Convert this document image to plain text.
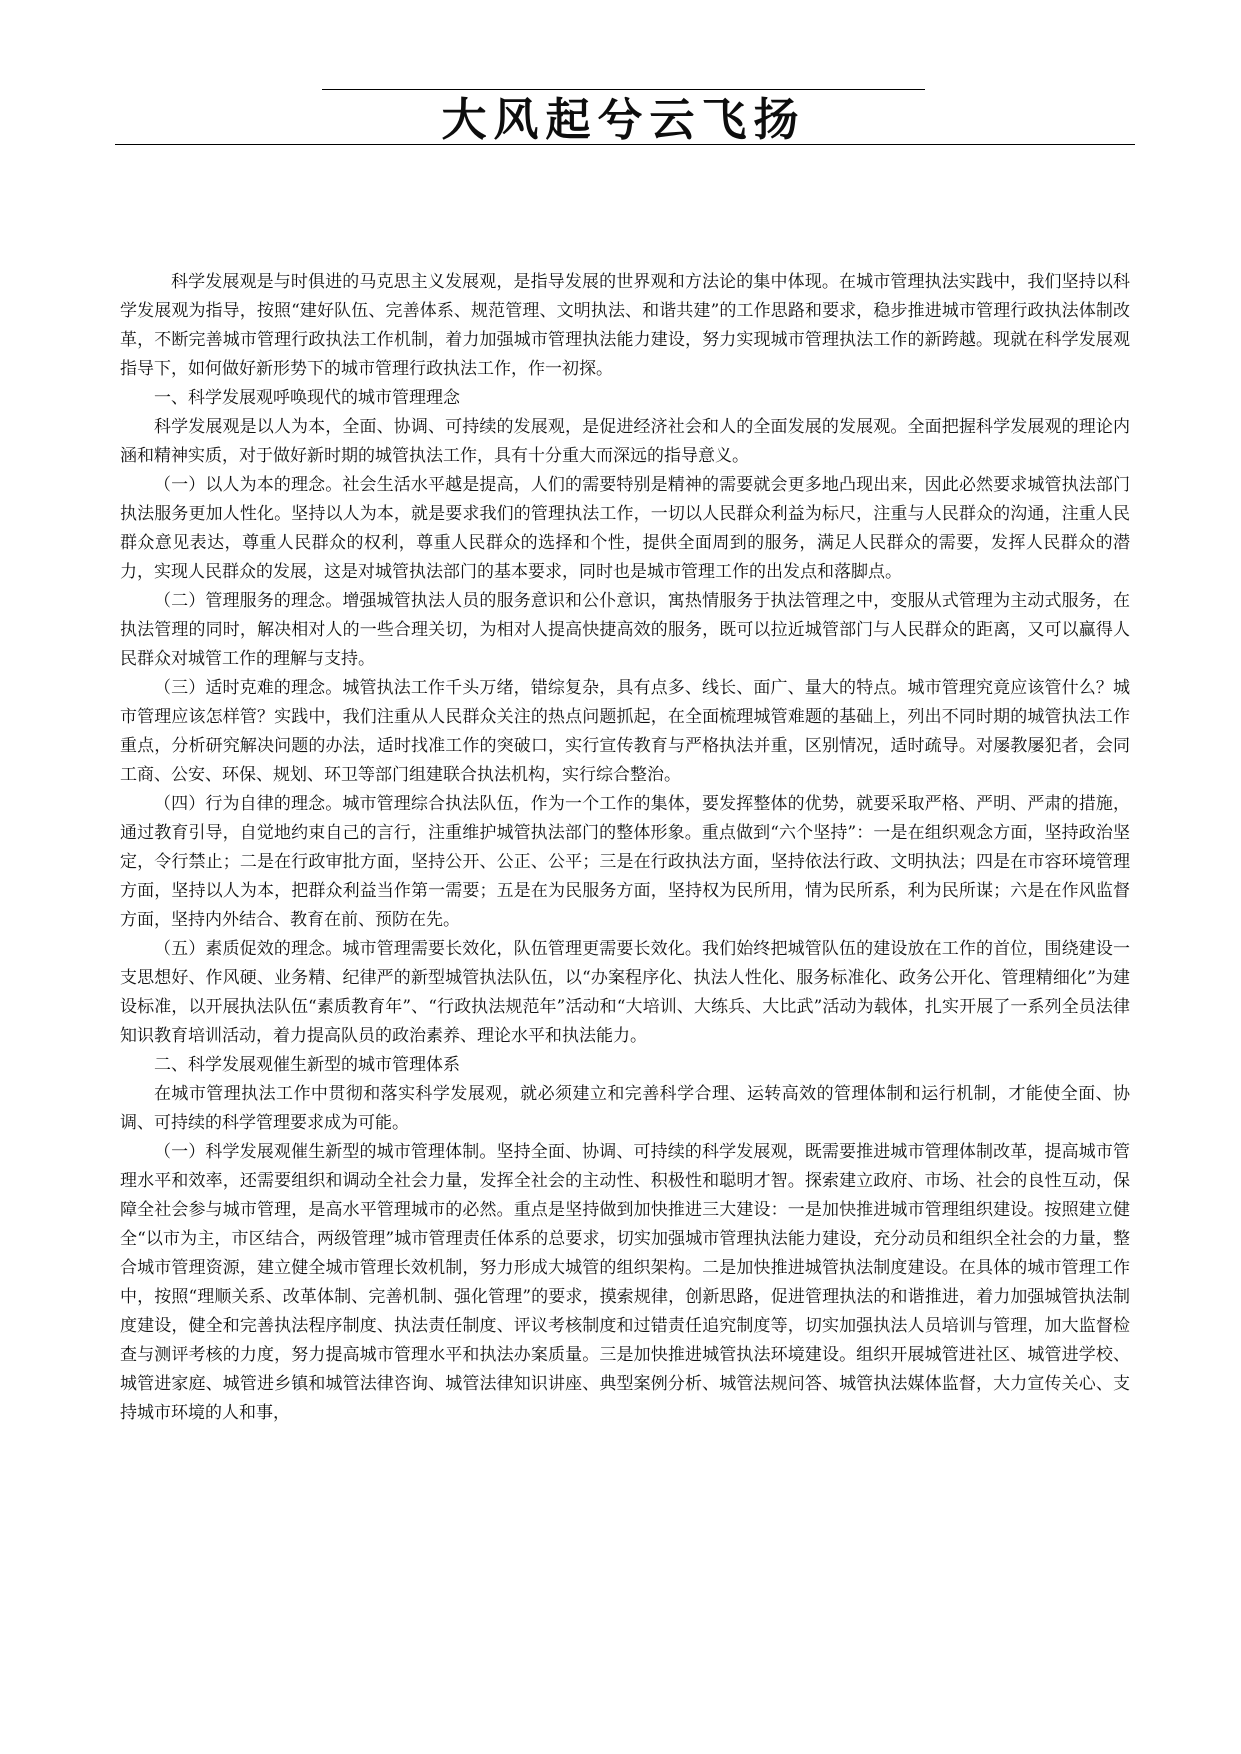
大风起兮云飞扬

科学发展观是与时俱进的马克思主义发展观，是指导发展的世界观和方法论的集中体现。在城市管理执法实践中，我们坚持以科学发展观为指导，按照“建好队伍、完善体系、规范管理、文明执法、和谐共建”的工作思路和要求，稳步推进城市管理行政执法体制改革，不断完善城市管理行政执法工作机制，着力加强城市管理执法能力建设，努力实现城市管理执法工作的新跨越。现就在科学发展观指导下，如何做好新形势下的城市管理行政执法工作，作一初探。

一、科学发展观呼唤现代的城市管理理念

科学发展观是以人为本，全面、协调、可持续的发展观，是促进经济社会和人的全面发展的发展观。全面把握科学发展观的理论内涵和精神实质，对于做好新时期的城管执法工作，具有十分重大而深远的指导意义。

（一）以人为本的理念。社会生活水平越是提高，人们的需要特别是精神的需要就会更多地凸现出来，因此必然要求城管执法部门执法服务更加人性化。坚持以人为本，就是要求我们的管理执法工作，一切以人民群众利益为标尺，注重与人民群众的沟通，注重人民群众意见表达，尊重人民群众的权利，尊重人民群众的选择和个性，提供全面周到的服务，满足人民群众的需要，发挥人民群众的潜力，实现人民群众的发展，这是对城管执法部门的基本要求，同时也是城市管理工作的出发点和落脚点。

（二）管理服务的理念。增强城管执法人员的服务意识和公仆意识，寓热情服务于执法管理之中，变服从式管理为主动式服务，在执法管理的同时，解决相对人的一些合理关切，为相对人提高快捷高效的服务，既可以拉近城管部门与人民群众的距离，又可以赢得人民群众对城管工作的理解与支持。

（三）适时克难的理念。城管执法工作千头万绪，错综复杂，具有点多、线长、面广、量大的特点。城市管理究竟应该管什么？城市管理应该怎样管？实践中，我们注重从人民群众关注的热点问题抓起，在全面梳理城管难题的基础上，列出不同时期的城管执法工作重点，分析研究解决问题的办法，适时找准工作的突破口，实行宣传教育与严格执法并重，区别情况，适时疏导。对屡教屡犯者，会同工商、公安、环保、规划、环卫等部门组建联合执法机构，实行综合整治。

（四）行为自律的理念。城市管理综合执法队伍，作为一个工作的集体，要发挥整体的优势，就要采取严格、严明、严肃的措施，通过教育引导，自觉地约束自己的言行，注重维护城管执法部门的整体形象。重点做到“六个坚持”：一是在组织观念方面，坚持政治坚定，令行禁止；二是在行政审批方面，坚持公开、公正、公平；三是在行政执法方面，坚持依法行政、文明执法；四是在市容环境管理方面，坚持以人为本，把群众利益当作第一需要；五是在为民服务方面，坚持权为民所用，情为民所系，利为民所谋；六是在作风监督方面，坚持内外结合、教育在前、预防在先。

（五）素质促效的理念。城市管理需要长效化，队伍管理更需要长效化。我们始终把城管队伍的建设放在工作的首位，围绕建设一支思想好、作风硬、业务精、纪律严的新型城管执法队伍，以“办案程序化、执法人性化、服务标准化、政务公开化、管理精细化”为建设标准，以开展执法队伍“素质教育年”、“行政执法规范年”活动和“大培训、大练兵、大比武”活动为载体，扎实开展了一系列全员法律知识教育培训活动，着力提高队员的政治素养、理论水平和执法能力。

二、科学发展观催生新型的城市管理体系

在城市管理执法工作中贯彻和落实科学发展观，就必须建立和完善科学合理、运转高效的管理体制和运行机制，才能使全面、协调、可持续的科学管理要求成为可能。

（一）科学发展观催生新型的城市管理体制。坚持全面、协调、可持续的科学发展观，既需要推进城市管理体制改革，提高城市管理水平和效率，还需要组织和调动全社会力量，发挥全社会的主动性、积极性和聪明才智。探索建立政府、市场、社会的良性互动，保障全社会参与城市管理，是高水平管理城市的必然。重点是坚持做到加快推进三大建设：一是加快推进城市管理组织建设。按照建立健全“以市为主，市区结合，两级管理”城市管理责任体系的总要求，切实加强城市管理执法能力建设，充分动员和组织全社会的力量，整合城市管理资源，建立健全城市管理长效机制，努力形成大城管的组织架构。二是加快推进城管执法制度建设。在具体的城市管理工作中，按照“理顺关系、改革体制、完善机制、强化管理”的要求，摸索规律，创新思路，促进管理执法的和谐推进，着力加强城管执法制度建设，健全和完善执法程序制度、执法责任制度、评议考核制度和过错责任追究制度等，切实加强执法人员培训与管理，加大监督检查与测评考核的力度，努力提高城市管理水平和执法办案质量。三是加快推进城管执法环境建设。组织开展城管进社区、城管进学校、城管进家庭、城管进乡镇和城管法律咨询、城管法律知识讲座、典型案例分析、城管法规问答、城管执法媒体监督，大力宣传关心、支持城市环境的人和事，
